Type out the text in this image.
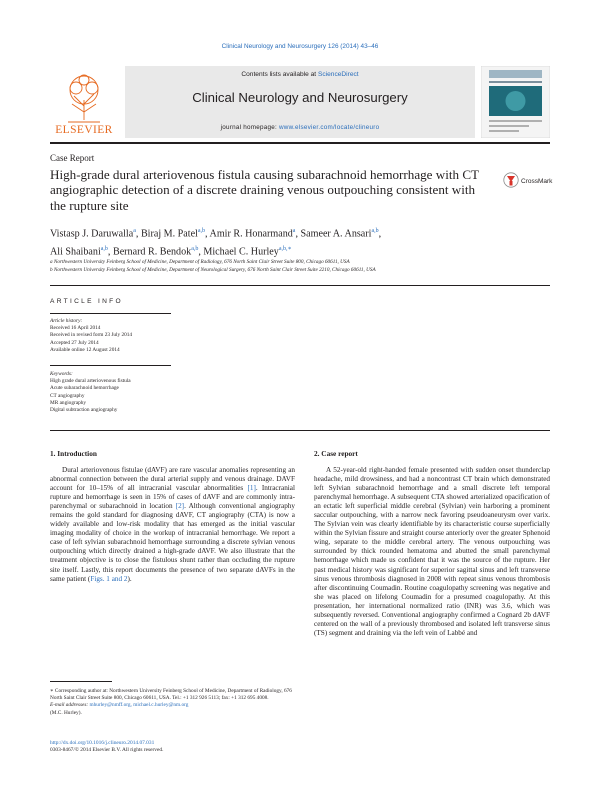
Clinical Neurology and Neurosurgery 126 (2014) 43–46
ELSEVIER
Contents lists available at ScienceDirect
Clinical Neurology and Neurosurgery
journal homepage: www.elsevier.com/locate/clineuro
Case Report
High-grade dural arteriovenous fistula causing subarachnoid hemorrhage with CT angiographic detection of a discrete draining venous outpouching consistent with the rupture site
CrossMark
Vistasp J. Daruwalla$^a$, Biraj M. Patel$^{a,b}$, Amir R. Honarmand$^a$, Sameer A. Ansari$^{a,b}$,
Ali Shaibani$^{a,b}$, Bernard R. Bendok$^{a,b}$, Michael C. Hurley$^{a,b,∗}$
a Northwestern University Feinberg School of Medicine, Department of Radiology, 676 North Saint Clair Street Suite 800, Chicago 60611, USA
b Northwestern University Feinberg School of Medicine, Department of Neurological Surgery, 676 North Saint Clair Street Suite 2210, Chicago 60611, USA
ARTICLE INFO
Article history:
Received 16 April 2014
Received in revised form 23 July 2014
Accepted 27 July 2014
Available online 12 August 2014
Keywords:
High grade dural arteriovenous fistula
Acute subarachnoid hemorrhage
CT angiography
MR angiography
Digital subtraction angiography
1. Introduction

Dural arteriovenous fistulae (dAVF) are rare vascular anomalies representing an abnormal connection between the dural arterial supply and venous drainage. DAVF account for 10–15% of all intracranial vascular abnormalities [1]. Intracranial rupture and hemorrhage is seen in 15% of cases of dAVF and are commonly intra-parenchymal or subarachnoid in location [2]. Although conventional angiography remains the gold standard for diagnosing dAVF, CT angiography (CTA) is now a widely available and low-risk modality that has emerged as the initial vascular imaging modality of choice in the workup of intracranial hemorrhage. We report a case of left sylvian subarachnoid hemorrhage surrounding a discrete sylvian venous outpouching which directly drained a high-grade dAVF. We also illustrate that the treatment objective is to close the fistulous shunt rather than occluding the rupture site itself. Lastly, this report documents the presence of two separate dAVFs in the same patient (Figs. 1 and 2).

2. Case report

A 52-year-old right-handed female presented with sudden onset thunderclap headache, mild drowsiness, and had a noncontrast CT brain which demonstrated left Sylvian subarachnoid hemorrhage and a small discrete left temporal parenchymal hemorrhage. A subsequent CTA showed arterialized opacification of an ectatic left superficial middle cerebral (Sylvian) vein harboring a prominent saccular outpouching, with a narrow neck favoring pseudoaneurysm over varix. The Sylvian vein was clearly identifiable by its characteristic course superficially within the Sylvian fissure and straight course anteriorly over the greater Sphenoid wing, separate to the middle cerebral artery. The venous outpouching was surrounded by thick rounded hematoma and abutted the small parenchymal hemorrhage which made us confident that it was the source of the rupture. Her past medical history was significant for superior sagittal sinus and left transverse sinus venous thrombosis diagnosed in 2008 with repeat sinus venous thrombosis after discontinuing Coumadin. Routine coagulopathy screening was negative and she was placed on lifelong Coumadin for a presumed coagulopathy. At this presentation, her international normalized ratio (INR) was 3.6, which was subsequently reversed. Conventional angiography confirmed a Cognard 2b dAVF centered on the wall of a previously thrombosed and isolated left transverse sinus (TS) segment and draining via the left vein of Labbé and

∗ Corresponding author at: Northwestern University Feinberg School of Medicine, Department of Radiology, 676 North Saint Clair Street Suite 800, Chicago 60611, USA. Tel.: +1 312 926 5113; fax: +1 312 695 4008.
E-mail addresses: mhurley@nmff.org, michael.c.hurley@nm.org
(M.C. Hurley).
http://dx.doi.org/10.1016/j.clineuro.2014.07.031
0303-8467/© 2014 Elsevier B.V. All rights reserved.
